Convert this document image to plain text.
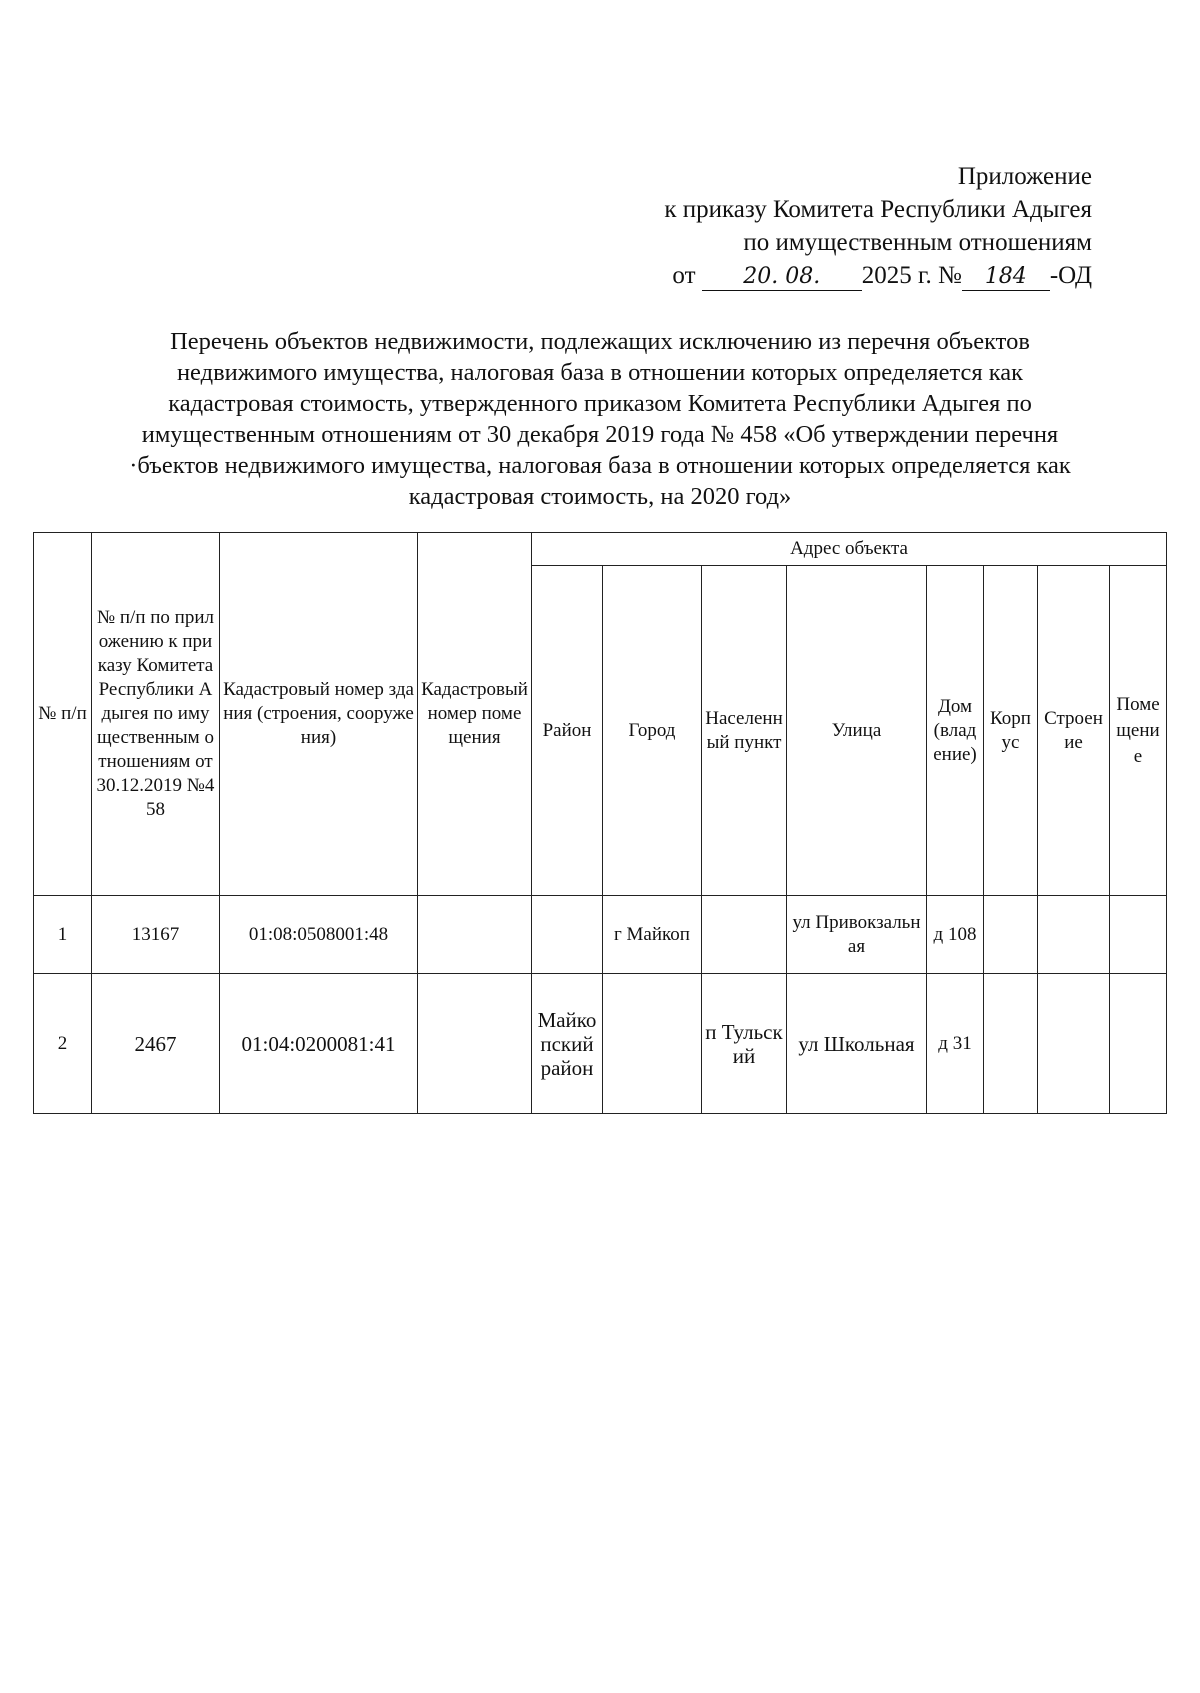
Приложение
к приказу Комитета Республики Адыгея
по имущественным отношениям
от 20. 08. 2025 г. № 184 -ОД
Перечень объектов недвижимости, подлежащих исключению из перечня объектов
недвижимого имущества, налоговая база в отношении которых определяется как
кадастровая стоимость, утвержденного приказом Комитета Республики Адыгея по
имущественным отношениям от 30 декабря 2019 года № 458 «Об утверждении перечня
·бъектов недвижимого имущества, налоговая база в отношении которых определяется как
кадастровая стоимость, на 2020 год»
№ п/п	№ п/п по приложению к приказу Комитета Республики Адыгея по имущественным отношениям от 30.12.2019 №458	Кадастровый номер здания (строения, сооружения)	Кадастровый номер помещения	Адрес объекта							
				Район	Город	Населенный пункт	Улица	Дом (владение)	Корпус	Строение	Помещение
1	13167	01:08:0508001:48			г Майкоп		ул Привокзальная	д 108			
2	2467	01:04:0200081:41		Майкопский район		п Тульский	ул Школьная	д 31			
